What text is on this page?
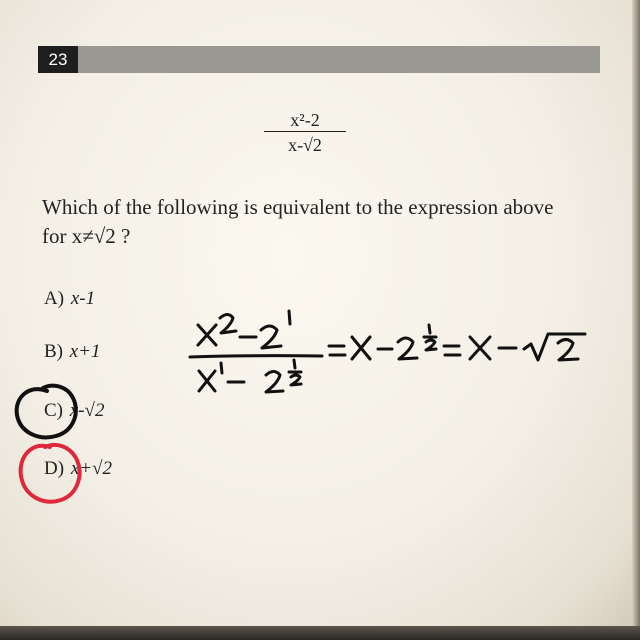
23
x²-2
x-√2
Which of the following is equivalent to the expression above
for x≠√2 ?
A) x-1
B) x+1
C) x-√2
D) x+√2
